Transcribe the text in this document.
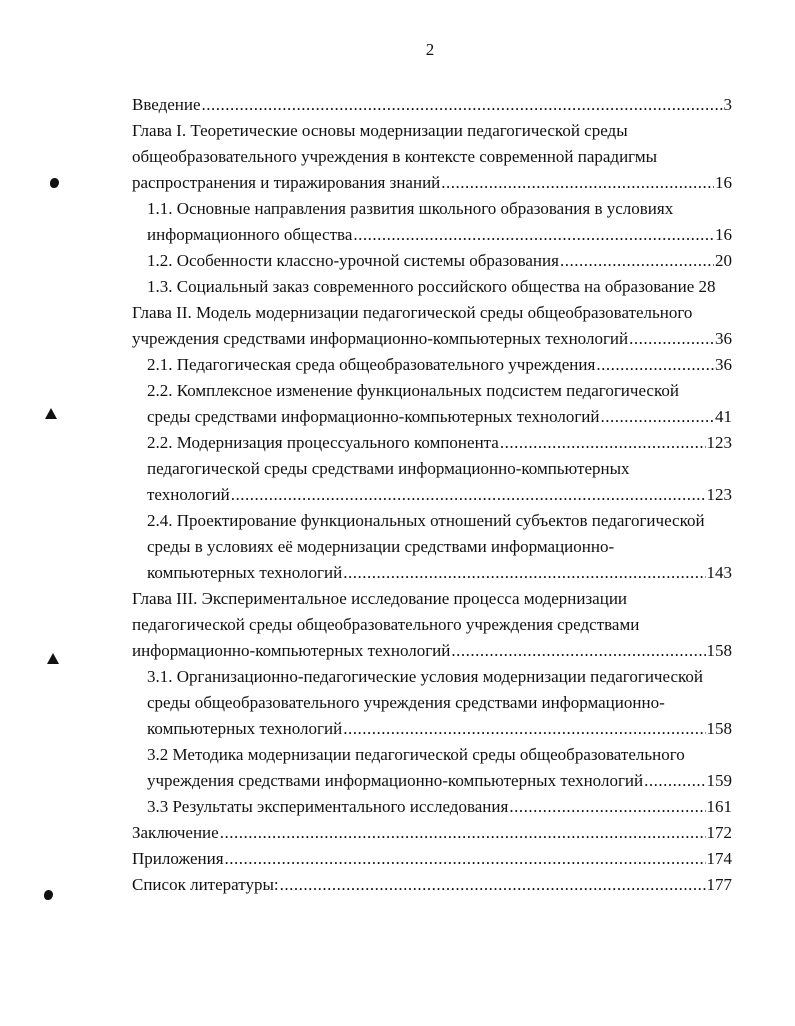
2
Введение .....	3
Глава I. Теоретические основы модернизации педагогической среды
общеобразовательного учреждения в контексте современной парадигмы
распространения и тиражирования знаний .....	16
1.1. Основные направления развития школьного образования в условиях
информационного общества .....	16
1.2. Особенности классно-урочной системы образования .....	20
1.3. Социальный заказ современного российского общества на образование 28
Глава II. Модель модернизации педагогической среды общеобразовательного
учреждения средствами информационно-компьютерных технологий .....	36
2.1. Педагогическая среда общеобразовательного учреждения .....	36
2.2. Комплексное изменение функциональных подсистем педагогической
среды средствами информационно-компьютерных технологий .....	41
2.2. Модернизация процессуального компонента .....	123
педагогической среды средствами информационно-компьютерных
технологий .....	123
2.4. Проектирование функциональных отношений субъектов педагогической
среды в условиях её модернизации средствами информационно-
компьютерных технологий .....	143
Глава III. Экспериментальное исследование процесса модернизации
педагогической среды общеобразовательного учреждения средствами
информационно-компьютерных технологий .....	158
3.1. Организационно-педагогические условия модернизации педагогической
среды общеобразовательного учреждения средствами информационно-
компьютерных технологий .....	158
3.2 Методика модернизации педагогической среды общеобразовательного
учреждения средствами информационно-компьютерных технологий .....	159
3.3 Результаты экспериментального исследования .....	161
Заключение .....	172
Приложения .....	174
Список литературы: .....	177
